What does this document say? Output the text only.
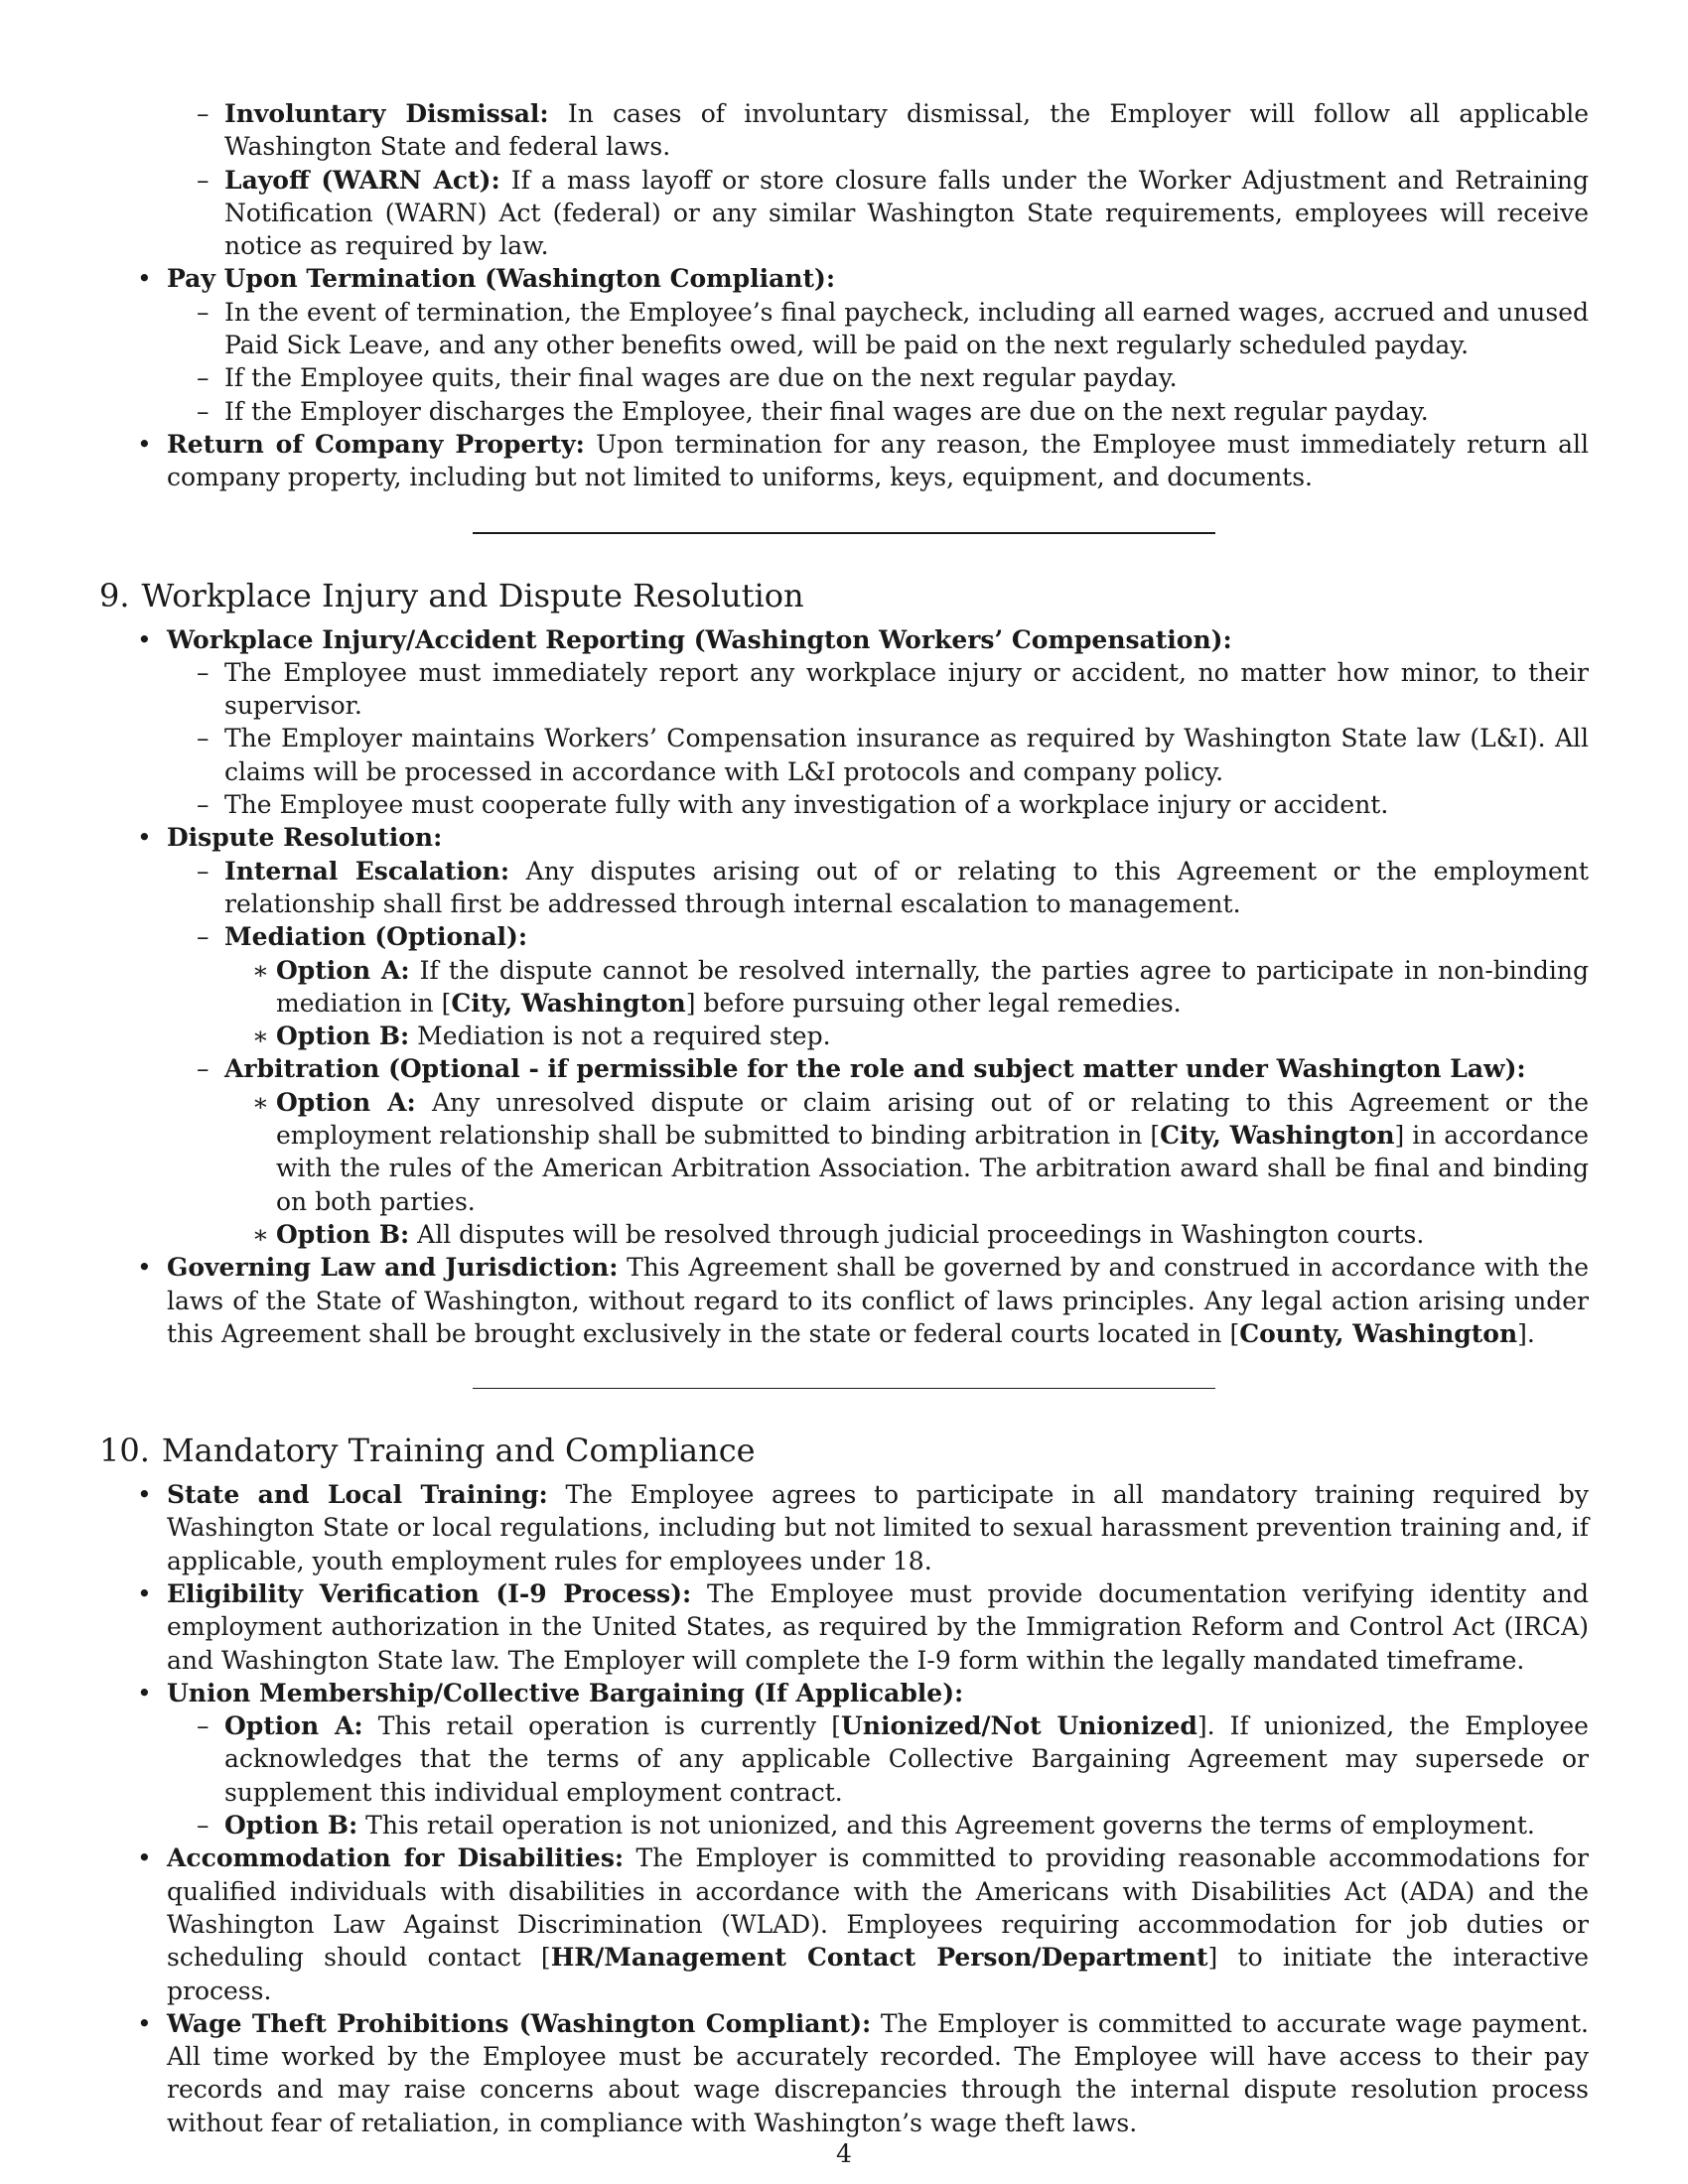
– Involuntary Dismissal: In cases of involuntary dismissal, the Employer will follow all applicable Washington State and federal laws.
– Layoff (WARN Act): If a mass layoff or store closure falls under the Worker Adjustment and Retraining Notification (WARN) Act (federal) or any similar Washington State requirements, employees will receive notice as required by law.
• Pay Upon Termination (Washington Compliant):
– In the event of termination, the Employee’s final paycheck, including all earned wages, accrued and unused Paid Sick Leave, and any other benefits owed, will be paid on the next regularly scheduled payday.
– If the Employee quits, their final wages are due on the next regular payday.
– If the Employer discharges the Employee, their final wages are due on the next regular payday.
• Return of Company Property: Upon termination for any reason, the Employee must immediately return all company property, including but not limited to uniforms, keys, equipment, and documents.
9. Workplace Injury and Dispute Resolution
• Workplace Injury/Accident Reporting (Washington Workers’ Compensation):
– The Employee must immediately report any workplace injury or accident, no matter how minor, to their supervisor.
– The Employer maintains Workers’ Compensation insurance as required by Washington State law (L&I). All claims will be processed in accordance with L&I protocols and company policy.
– The Employee must cooperate fully with any investigation of a workplace injury or accident.
• Dispute Resolution:
– Internal Escalation: Any disputes arising out of or relating to this Agreement or the employment relationship shall first be addressed through internal escalation to management.
– Mediation (Optional):
∗ Option A: If the dispute cannot be resolved internally, the parties agree to participate in non-binding mediation in [City, Washington] before pursuing other legal remedies.
∗ Option B: Mediation is not a required step.
– Arbitration (Optional - if permissible for the role and subject matter under Washington Law):
∗ Option A: Any unresolved dispute or claim arising out of or relating to this Agreement or the employment relationship shall be submitted to binding arbitration in [City, Washington] in accordance with the rules of the American Arbitration Association. The arbitration award shall be final and binding on both parties.
∗ Option B: All disputes will be resolved through judicial proceedings in Washington courts.
• Governing Law and Jurisdiction: This Agreement shall be governed by and construed in accordance with the laws of the State of Washington, without regard to its conflict of laws principles. Any legal action arising under this Agreement shall be brought exclusively in the state or federal courts located in [County, Washington].
10. Mandatory Training and Compliance
• State and Local Training: The Employee agrees to participate in all mandatory training required by Washington State or local regulations, including but not limited to sexual harassment prevention training and, if applicable, youth employment rules for employees under 18.
• Eligibility Verification (I-9 Process): The Employee must provide documentation verifying identity and employment authorization in the United States, as required by the Immigration Reform and Control Act (IRCA) and Washington State law. The Employer will complete the I-9 form within the legally mandated timeframe.
• Union Membership/Collective Bargaining (If Applicable):
– Option A: This retail operation is currently [Unionized/Not Unionized]. If unionized, the Employee acknowledges that the terms of any applicable Collective Bargaining Agreement may supersede or supplement this individual employment contract.
– Option B: This retail operation is not unionized, and this Agreement governs the terms of employment.
• Accommodation for Disabilities: The Employer is committed to providing reasonable accommodations for qualified individuals with disabilities in accordance with the Americans with Disabilities Act (ADA) and the Washington Law Against Discrimination (WLAD). Employees requiring accommodation for job duties or scheduling should contact [HR/Management Contact Person/Department] to initiate the interactive process.
• Wage Theft Prohibitions (Washington Compliant): The Employer is committed to accurate wage payment. All time worked by the Employee must be accurately recorded. The Employee will have access to their pay records and may raise concerns about wage discrepancies through the internal dispute resolution process without fear of retaliation, in compliance with Washington’s wage theft laws.
4
